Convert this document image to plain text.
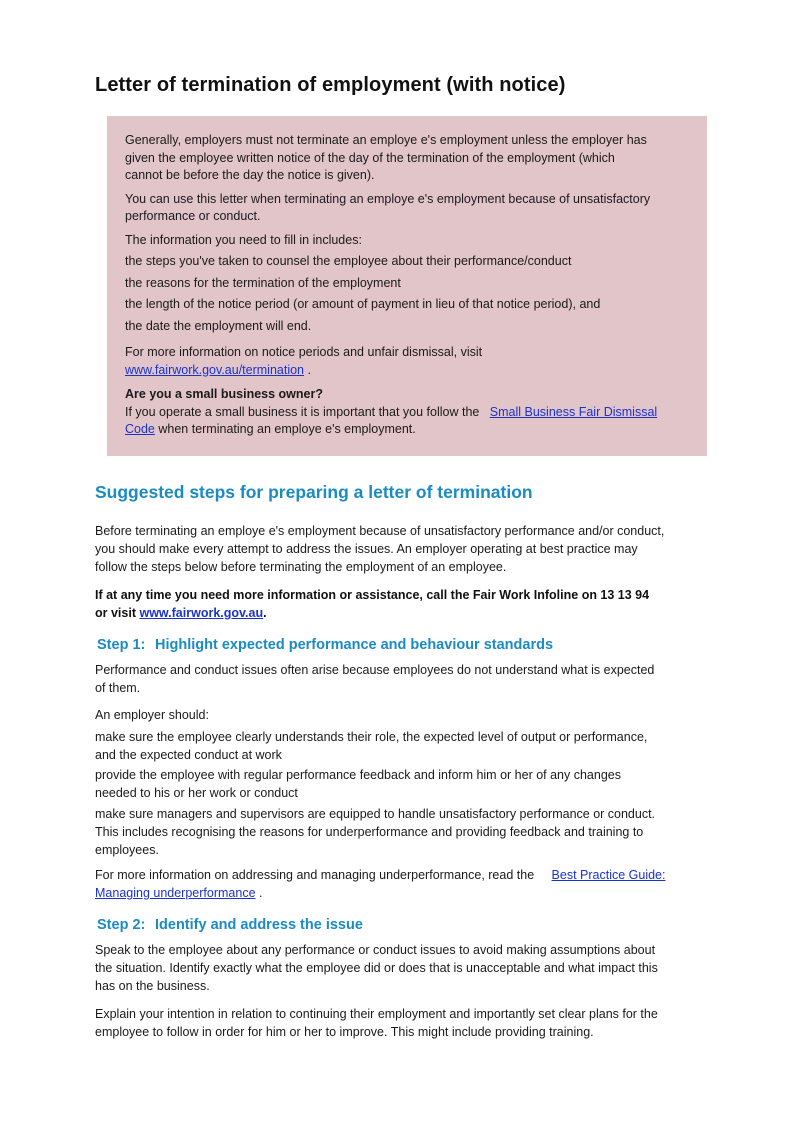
Letter of termination of employment (with notice)

Generally, employers must not terminate an employe e's employment unless the employer has
given the employee written notice of the day of the termination of the employment (which
cannot be before the day the notice is given).

You can use this letter when terminating an employe e's employment because of unsatisfactory
performance or conduct.

The information you need to fill in includes:

the steps you've taken to counsel the employee about their performance/conduct

the reasons for the termination of the employment

the length of the notice period (or amount of payment in lieu of that notice period), and

the date the employment will end.

For more information on notice periods and unfair dismissal, visit
www.fairwork.gov.au/termination .

Are you a small business owner?

If you operate a small business it is important that you follow the Small Business Fair Dismissal
Code when terminating an employe e's employment.

Suggested steps for preparing a letter of termination

Before terminating an employe e's employment because of unsatisfactory performance and/or conduct,
you should make every attempt to address the issues. An employer operating at best practice may
follow the steps below before terminating the employment of an employee.

If at any time you need more information or assistance, call the Fair Work Infoline on 13 13 94
or visit www.fairwork.gov.au.

Step 1: Highlight expected performance and behaviour standards

Performance and conduct issues often arise because employees do not understand what is expected
of them.

An employer should:

make sure the employee clearly understands their role, the expected level of output or performance,
and the expected conduct at work

provide the employee with regular performance feedback and inform him or her of any changes
needed to his or her work or conduct

make sure managers and supervisors are equipped to handle unsatisfactory performance or conduct.
This includes recognising the reasons for underperformance and providing feedback and training to
employees.

For more information on addressing and managing underperformance, read the Best Practice Guide:
Managing underperformance .

Step 2: Identify and address the issue

Speak to the employee about any performance or conduct issues to avoid making assumptions about
the situation. Identify exactly what the employee did or does that is unacceptable and what impact this
has on the business.

Explain your intention in relation to continuing their employment and importantly set clear plans for the
employee to follow in order for him or her to improve. This might include providing training.
